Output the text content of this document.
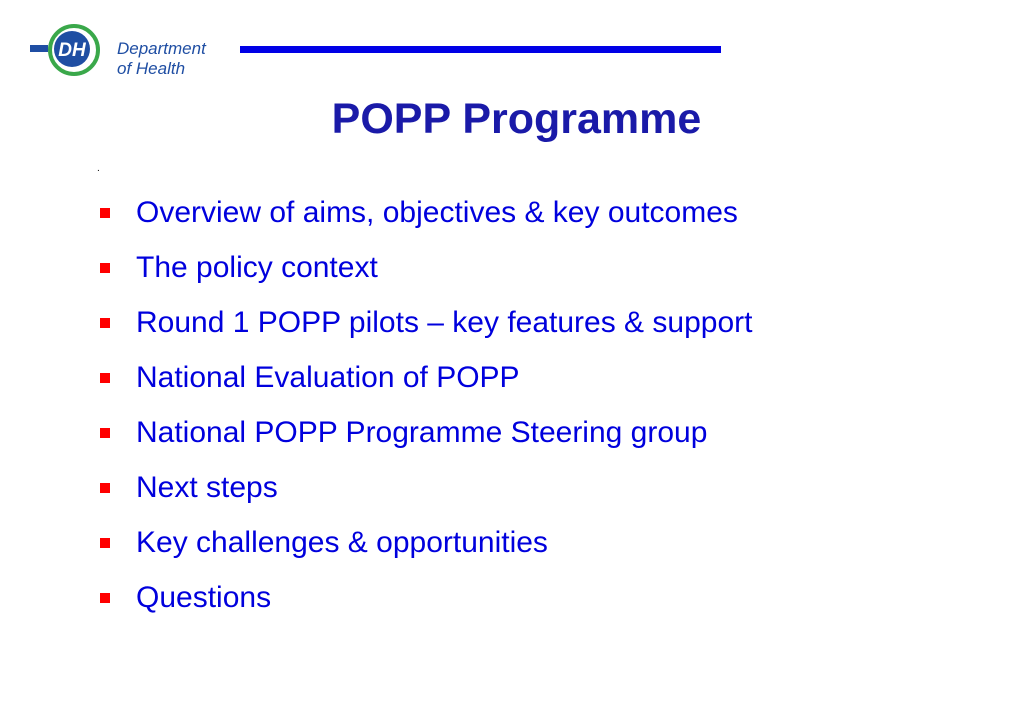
DH Department
of Health
POPP Programme
.
Overview of aims, objectives & key outcomes
The policy context
Round 1 POPP pilots – key features & support
National Evaluation of POPP
National POPP Programme Steering group
Next steps
Key challenges & opportunities
Questions
